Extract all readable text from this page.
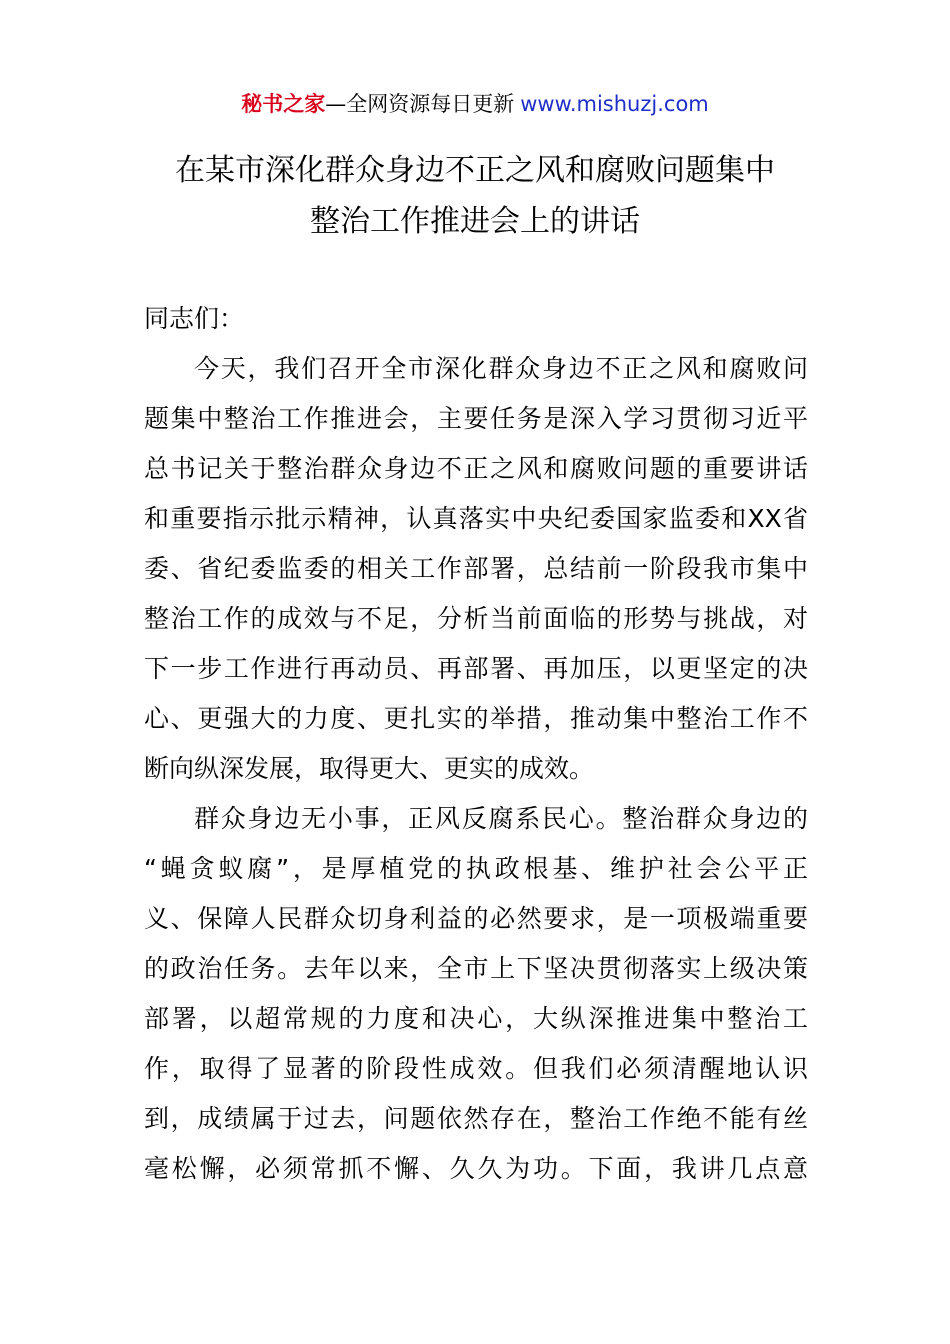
秘书之家—全网资源每日更新 www.mishuzj.com
在某市深化群众身边不正之风和腐败问题集中
整治工作推进会上的讲话
同志们：
今天，我们召开全市深化群众身边不正之风和腐败问
题集中整治工作推进会，主要任务是深入学习贯彻习近平
总书记关于整治群众身边不正之风和腐败问题的重要讲话
和重要指示批示精神，认真落实中央纪委国家监委和XX省
委、省纪委监委的相关工作部署，总结前一阶段我市集中
整治工作的成效与不足，分析当前面临的形势与挑战，对
下一步工作进行再动员、再部署、再加压，以更坚定的决
心、更强大的力度、更扎实的举措，推动集中整治工作不
断向纵深发展，取得更大、更实的成效。
群众身边无小事，正风反腐系民心。整治群众身边的
“蝇贪蚁腐”，是厚植党的执政根基、维护社会公平正
义、保障人民群众切身利益的必然要求，是一项极端重要
的政治任务。去年以来，全市上下坚决贯彻落实上级决策
部署，以超常规的力度和决心，大纵深推进集中整治工
作，取得了显著的阶段性成效。但我们必须清醒地认识
到，成绩属于过去，问题依然存在，整治工作绝不能有丝
毫松懈，必须常抓不懈、久久为功。下面，我讲几点意
